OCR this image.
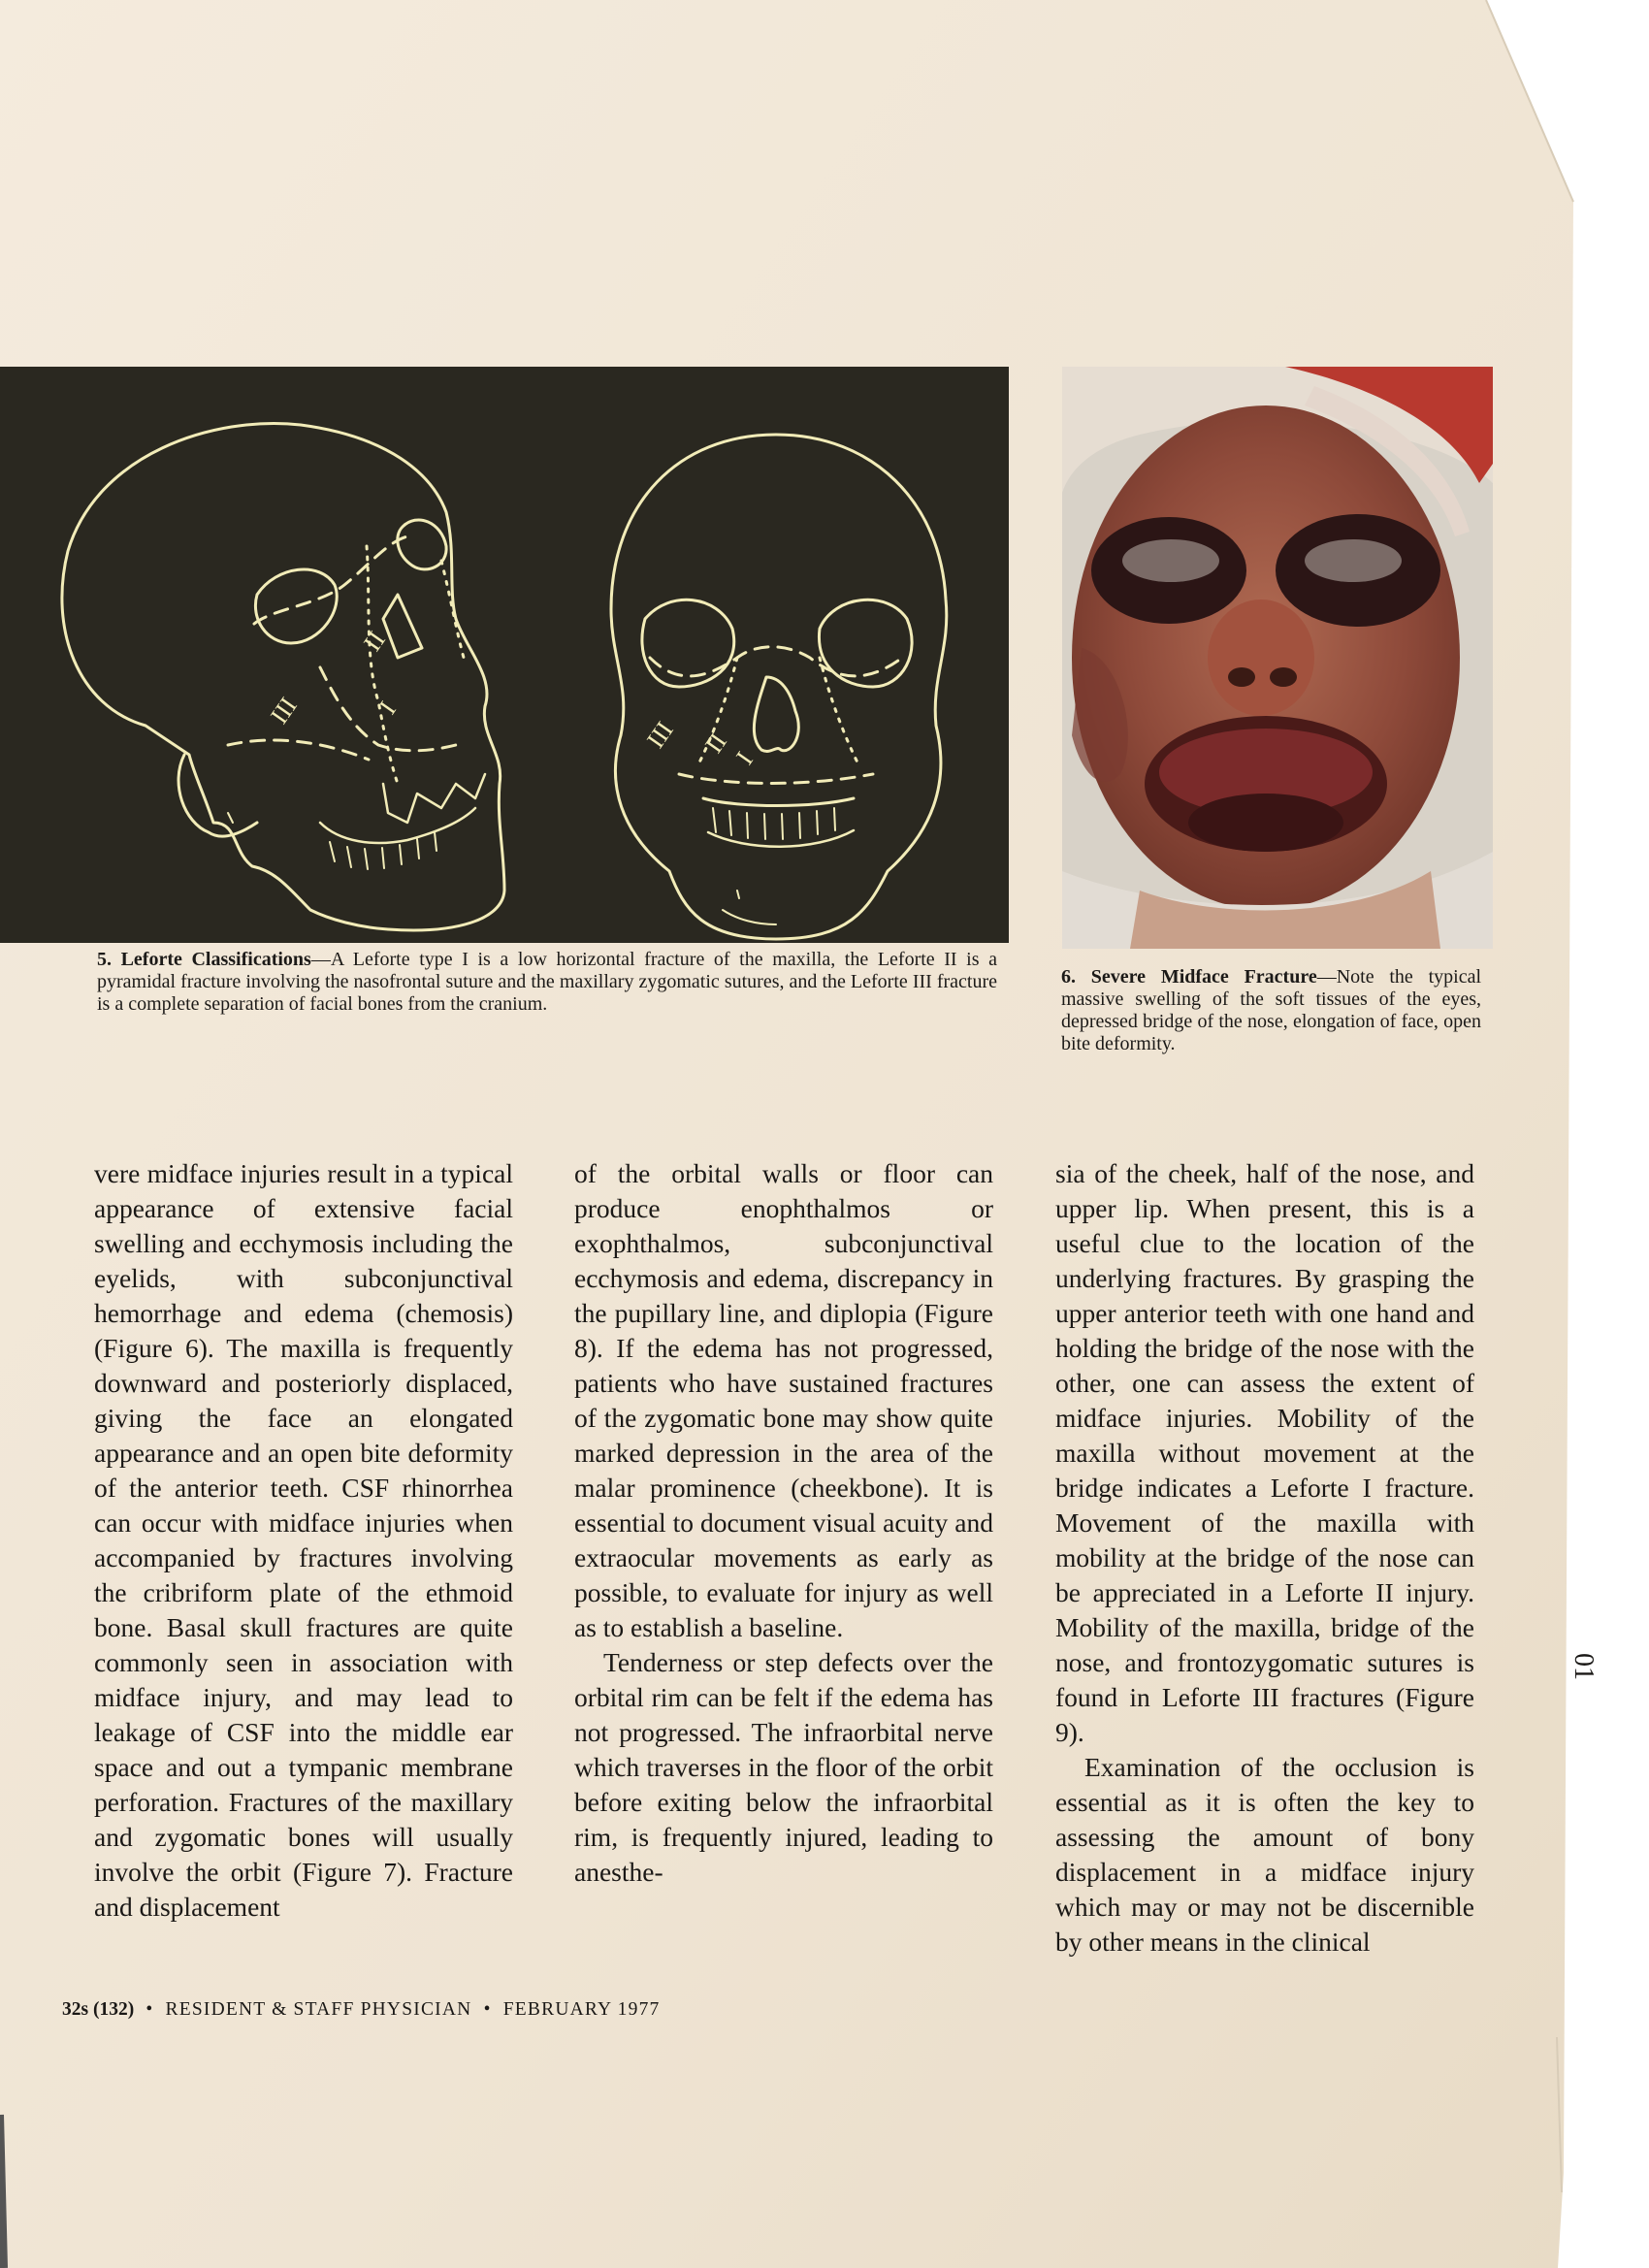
III
II
I
III II
I
5. Leforte Classifications—A Leforte type I is a low horizontal fracture of the maxilla, the Leforte II is a pyramidal fracture involving the nasofrontal suture and the maxillary zygomatic sutures, and the Leforte III fracture is a complete separation of facial bones from the cranium.
6. Severe Midface Fracture—Note the typical massive swelling of the soft tissues of the eyes, depressed bridge of the nose, elongation of face, open bite deformity.

vere midface injuries result in a typical appearance of extensive facial swelling and ecchymosis including the eyelids, with subconjunctival hemorrhage and edema (chemosis) (Figure 6). The maxilla is frequently downward and posteriorly displaced, giving the face an elongated appearance and an open bite deformity of the anterior teeth. CSF rhinorrhea can occur with midface injuries when accompanied by fractures involving the cribriform plate of the ethmoid bone. Basal skull fractures are quite commonly seen in association with midface injury, and may lead to leakage of CSF into the middle ear space and out a tympanic membrane perforation. Fractures of the maxillary and zygomatic bones will usually involve the orbit (Figure 7). Fracture and displacement

of the orbital walls or floor can produce enophthalmos or exophthalmos, subconjunctival ecchymosis and edema, discrepancy in the pupillary line, and diplopia (Figure 8). If the edema has not progressed, patients who have sustained fractures of the zygomatic bone may show quite marked depression in the area of the malar prominence (cheekbone). It is essential to document visual acuity and extraocular movements as early as possible, to evaluate for injury as well as to establish a baseline.

Tenderness or step defects over the orbital rim can be felt if the edema has not progressed. The infraorbital nerve which traverses in the floor of the orbit before exiting below the infraorbital rim, is frequently injured, leading to anesthe-

sia of the cheek, half of the nose, and upper lip. When present, this is a useful clue to the location of the underlying fractures. By grasping the upper anterior teeth with one hand and holding the bridge of the nose with the other, one can assess the extent of midface injuries. Mobility of the maxilla without movement at the bridge indicates a Leforte I fracture. Movement of the maxilla with mobility at the bridge of the nose can be appreciated in a Leforte II injury. Mobility of the maxilla, bridge of the nose, and frontozygomatic sutures is found in Leforte III fractures (Figure 9).

Examination of the occlusion is essential as it is often the key to assessing the amount of bony displacement in a midface injury which may or may not be discernible by other means in the clinical

32s (132) • RESIDENT & STAFF PHYSICIAN • FEBRUARY 1977
01
